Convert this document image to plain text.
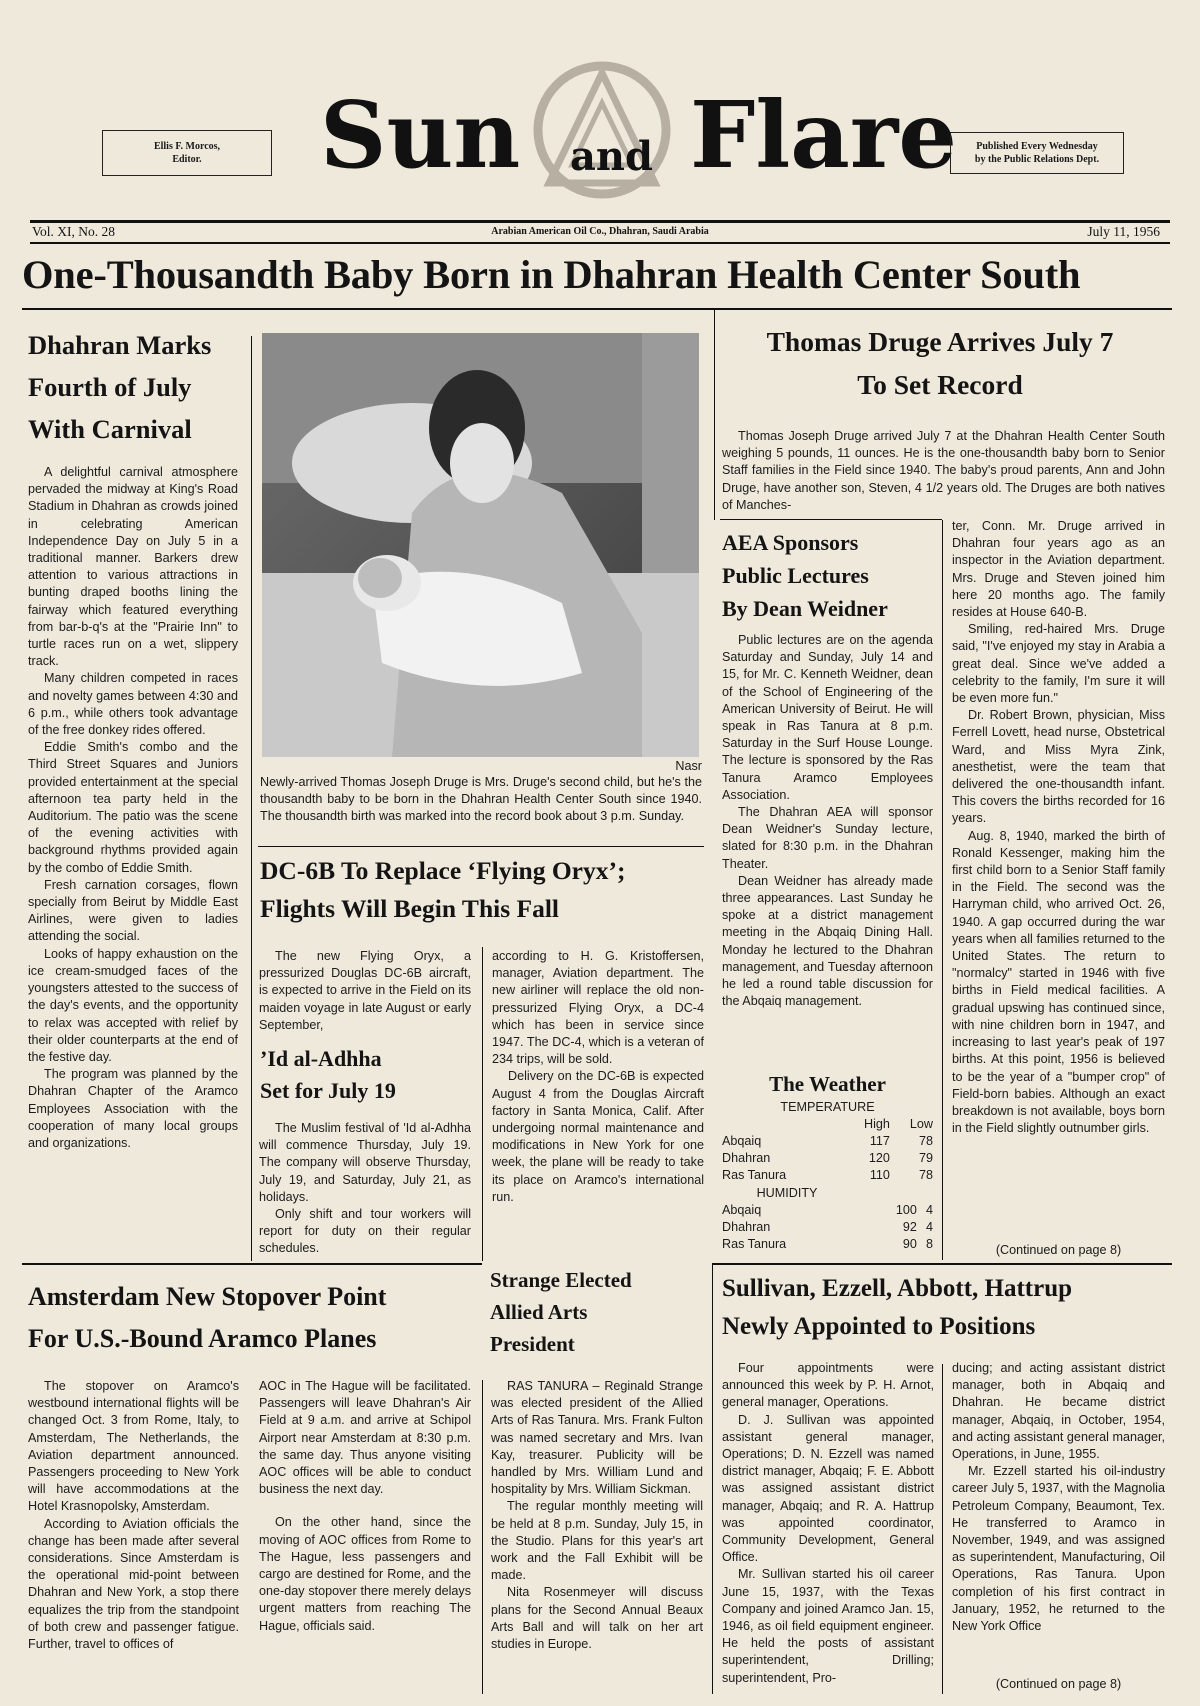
Ellis F. Morcos,
Editor.	Sun and Flare	Published Every Wednesday
by the Public Relations Dept.
Vol. XI, No. 28	Arabian American Oil Co., Dhahran, Saudi Arabia	July 11, 1956
One-Thousandth Baby Born in Dhahran Health Center South
Dhahran Marks
Fourth of July
With Carnival

A delightful carnival atmosphere pervaded the midway at King's Road Stadium in Dhahran as crowds joined in celebrating American Independence Day on July 5 in a traditional manner. Barkers drew attention to various attractions in bunting draped booths lining the fairway which featured everything from bar-b-q's at the "Prairie Inn" to turtle races run on a wet, slippery track.

Many children competed in races and novelty games between 4:30 and 6 p.m., while others took advantage of the free donkey rides offered.

Eddie Smith's combo and the Third Street Squares and Juniors provided entertainment at the special afternoon tea party held in the Auditorium. The patio was the scene of the evening activities with background rhythms provided again by the combo of Eddie Smith.

Fresh carnation corsages, flown specially from Beirut by Middle East Airlines, were given to ladies attending the social.

Looks of happy exhaustion on the ice cream-smudged faces of the youngsters attested to the success of the day's events, and the opportunity to relax was accepted with relief by their older counterparts at the end of the festive day.

The program was planned by the Dhahran Chapter of the Aramco Employees Association with the cooperation of many local groups and organizations.

Nasr
Newly-arrived Thomas Joseph Druge is Mrs. Druge's second child, but he's the thousandth baby to be born in the Dhahran Health Center South since 1940. The thousandth birth was marked into the record book about 3 p.m. Sunday.
DC-6B To Replace ‘Flying Oryx’;
Flights Will Begin This Fall

The new Flying Oryx, a pressurized Douglas DC-6B aircraft, is expected to arrive in the Field on its maiden voyage in late August or early September,

according to H. G. Kristoffersen, manager, Aviation department. The new airliner will replace the old non-pressurized Flying Oryx, a DC-4 which has been in service since 1947. The DC-4, which is a veteran of 234 trips, will be sold.

Delivery on the DC-6B is expected August 4 from the Douglas Aircraft factory in Santa Monica, Calif. After undergoing normal maintenance and modifications in New York for one week, the plane will be ready to take its place on Aramco's international run.

’Id al-Adhha
Set for July 19

The Muslim festival of 'Id al-Adhha will commence Thursday, July 19. The company will observe Thursday, July 19, and Saturday, July 21, as holidays.

Only shift and tour workers will report for duty on their regular schedules.

Thomas Druge Arrives July 7
To Set Record

Thomas Joseph Druge arrived July 7 at the Dhahran Health Center South weighing 5 pounds, 11 ounces. He is the one-thousandth baby born to Senior Staff families in the Field since 1940. The baby's proud parents, Ann and John Druge, have another son, Steven, 4 1/2 years old. The Druges are both natives of Manches-

ter, Conn. Mr. Druge arrived in Dhahran four years ago as an inspector in the Aviation department. Mrs. Druge and Steven joined him here 20 months ago. The family resides at House 640-B.

Smiling, red-haired Mrs. Druge said, "I've enjoyed my stay in Arabia a great deal. Since we've added a celebrity to the family, I'm sure it will be even more fun."

Dr. Robert Brown, physician, Miss Ferrell Lovett, head nurse, Obstetrical Ward, and Miss Myra Zink, anesthetist, were the team that delivered the one-thousandth infant. This covers the births recorded for 16 years.

Aug. 8, 1940, marked the birth of Ronald Kessenger, making him the first child born to a Senior Staff family in the Field. The second was the Harryman child, who arrived Oct. 26, 1940. A gap occurred during the war years when all families returned to the United States. The return to "normalcy" started in 1946 with five births in Field medical facilities. A gradual upswing has continued since, with nine children born in 1947, and increasing to last year's peak of 197 births. At this point, 1956 is believed to be the year of a "bumper crop" of Field-born babies. Although an exact breakdown is not available, boys born in the Field slightly outnumber girls.

(Continued on page 8)
AEA Sponsors
Public Lectures
By Dean Weidner

Public lectures are on the agenda Saturday and Sunday, July 14 and 15, for Mr. C. Kenneth Weidner, dean of the School of Engineering of the American University of Beirut. He will speak in Ras Tanura at 8 p.m. Saturday in the Surf House Lounge. The lecture is sponsored by the Ras Tanura Aramco Employees Association.

The Dhahran AEA will sponsor Dean Weidner's Sunday lecture, slated for 8:30 p.m. in the Dhahran Theater.

Dean Weidner has already made three appearances. Last Sunday he spoke at a district management meeting in the Abqaiq Dining Hall. Monday he lectured to the Dhahran management, and Tuesday afternoon he led a round table discussion for the Abqaiq management.

The Weather
TEMPERATURE
	High	Low
Abqaiq	117	78
Dhahran	120	79
Ras Tanura	110	78
HUMIDITY
Abqaiq	100	4
Dhahran	92	4
Ras Tanura	90	8
Amsterdam New Stopover Point
For U.S.-Bound Aramco Planes

The stopover on Aramco's westbound international flights will be changed Oct. 3 from Rome, Italy, to Amsterdam, The Netherlands, the Aviation department announced. Passengers proceeding to New York will have accommodations at the Hotel Krasnopolsky, Amsterdam.

According to Aviation officials the change has been made after several considerations. Since Amsterdam is the operational mid-point between Dhahran and New York, a stop there equalizes the trip from the standpoint of both crew and passenger fatigue. Further, travel to offices of

AOC in The Hague will be facilitated. Passengers will leave Dhahran's Air Field at 9 a.m. and arrive at Schipol Airport near Amsterdam at 8:30 p.m. the same day. Thus anyone visiting AOC offices will be able to conduct business the next day.

On the other hand, since the moving of AOC offices from Rome to The Hague, less passengers and cargo are destined for Rome, and the one-day stopover there merely delays urgent matters from reaching The Hague, officials said.

Strange Elected
Allied Arts
President

RAS TANURA – Reginald Strange was elected president of the Allied Arts of Ras Tanura. Mrs. Frank Fulton was named secretary and Mrs. Ivan Kay, treasurer. Publicity will be handled by Mrs. William Lund and hospitality by Mrs. William Sickman.

The regular monthly meeting will be held at 8 p.m. Sunday, July 15, in the Studio. Plans for this year's art work and the Fall Exhibit will be made.

Nita Rosenmeyer will discuss plans for the Second Annual Beaux Arts Ball and will talk on her art studies in Europe.

Sullivan, Ezzell, Abbott, Hattrup
Newly Appointed to Positions

Four appointments were announced this week by P. H. Arnot, general manager, Operations.

D. J. Sullivan was appointed assistant general manager, Operations; D. N. Ezzell was named district manager, Abqaiq; F. E. Abbott was assigned assistant district manager, Abqaiq; and R. A. Hattrup was appointed coordinator, Community Development, General Office.

Mr. Sullivan started his oil career June 15, 1937, with the Texas Company and joined Aramco Jan. 15, 1946, as oil field equipment engineer. He held the posts of assistant superintendent, Drilling; superintendent, Pro-

ducing; and acting assistant district manager, both in Abqaiq and Dhahran. He became district manager, Abqaiq, in October, 1954, and acting assistant general manager, Operations, in June, 1955.

Mr. Ezzell started his oil-industry career July 5, 1937, with the Magnolia Petroleum Company, Beaumont, Tex. He transferred to Aramco in November, 1949, and was assigned as superintendent, Manufacturing, Oil Operations, Ras Tanura. Upon completion of his first contract in January, 1952, he returned to the New York Office

(Continued on page 8)
